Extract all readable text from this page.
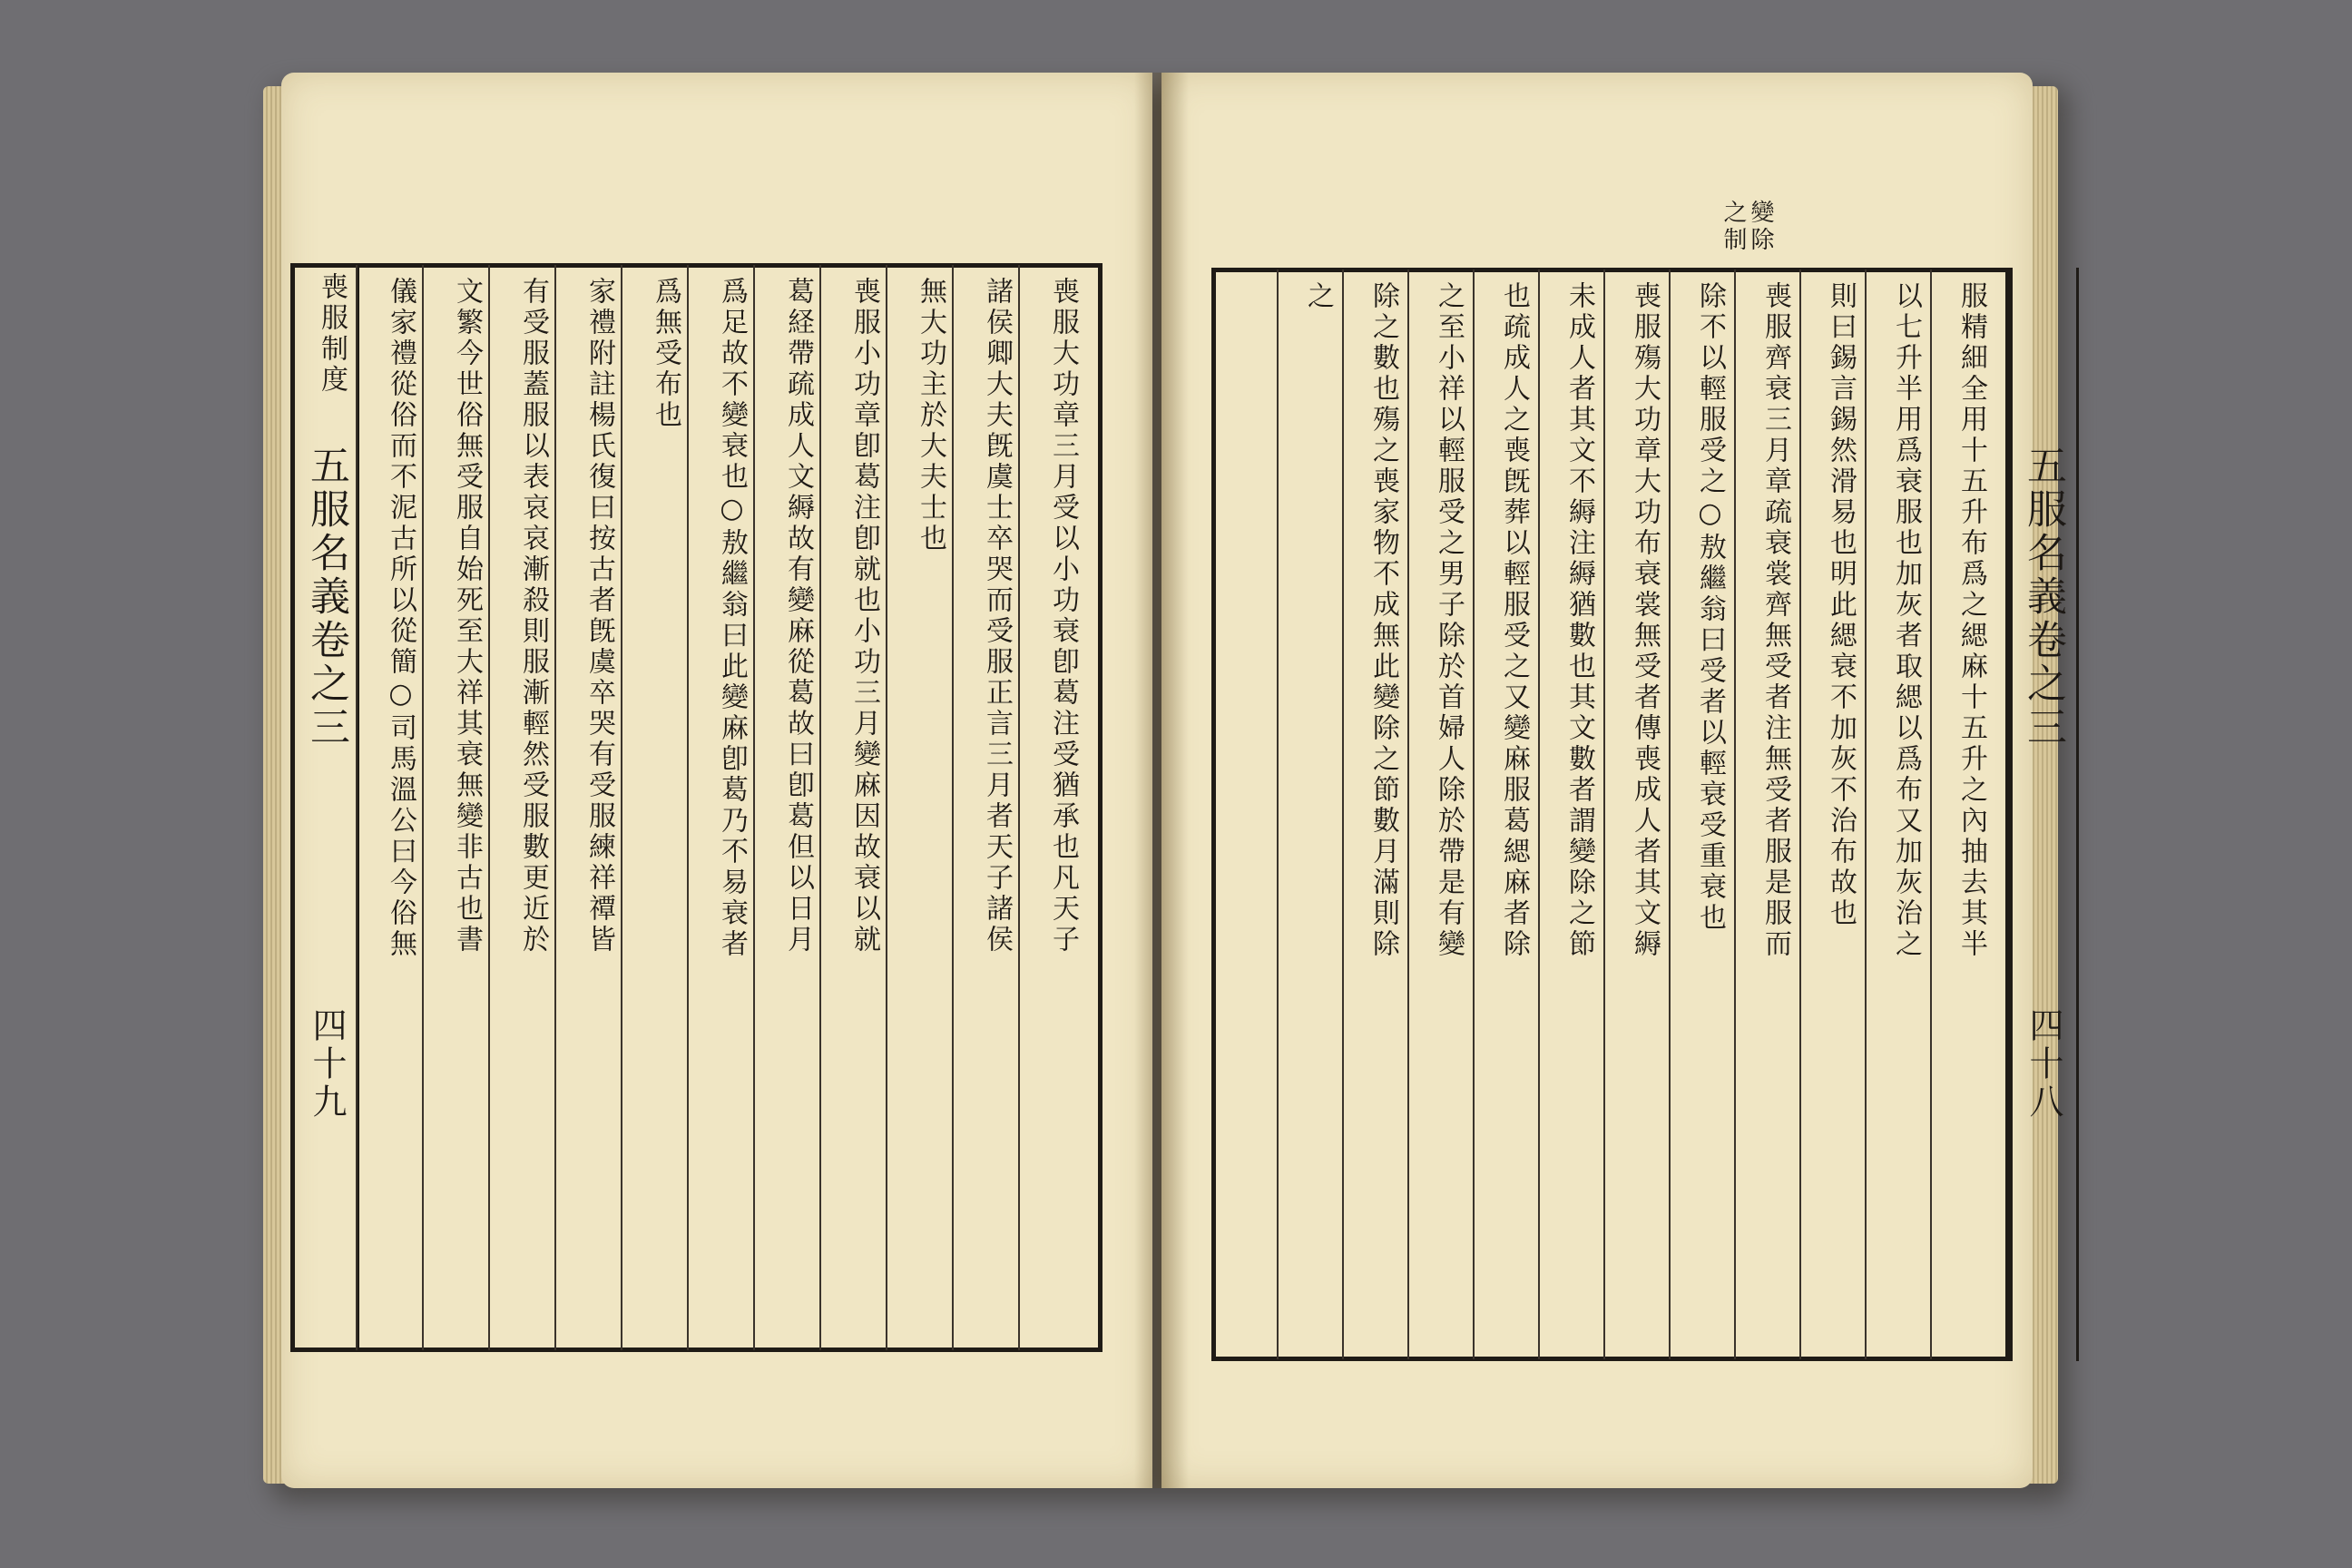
喪服制度
五服名義卷之三
四十九
喪服大功章三月受以小功衰卽葛注受猶承也凡天子
諸侯卿大夫旣虞士卒哭而受服正言三月者天子諸侯
無大功主於大夫士也
喪服小功章卽葛注卽就也小功三月變麻因故衰以就
葛経帶疏成人文縟故有變麻從葛故曰卽葛但以日月
爲足故不變衰也○敖繼翁曰此變麻卽葛乃不易衰者
爲無受布也
家禮附註楊氏復曰按古者旣虞卒哭有受服練祥禫皆
有受服蓋服以表哀哀漸殺則服漸輕然受服數更近於
文繁今世俗無受服自始死至大祥其衰無變非古也書
儀家禮從俗而不泥古所以從簡○司馬溫公曰今俗無	五服名義卷之三
四十八
變除之制
服精細全用十五升布爲之緦麻十五升之內抽去其半
以七升半用爲衰服也加灰者取緦以爲布又加灰治之
則曰錫言錫然滑易也明此緦衰不加灰不治布故也
喪服齊衰三月章疏衰裳齊無受者注無受者服是服而
除不以輕服受之○敖繼翁曰受者以輕衰受重衰也
喪服殤大功章大功布衰裳無受者傳喪成人者其文縟
未成人者其文不縟注縟猶數也其文數者謂變除之節
也疏成人之喪旣葬以輕服受之又變麻服葛緦麻者除
之至小祥以輕服受之男子除於首婦人除於帶是有變
除之數也殤之喪家物不成無此變除之節數月滿則除
之
